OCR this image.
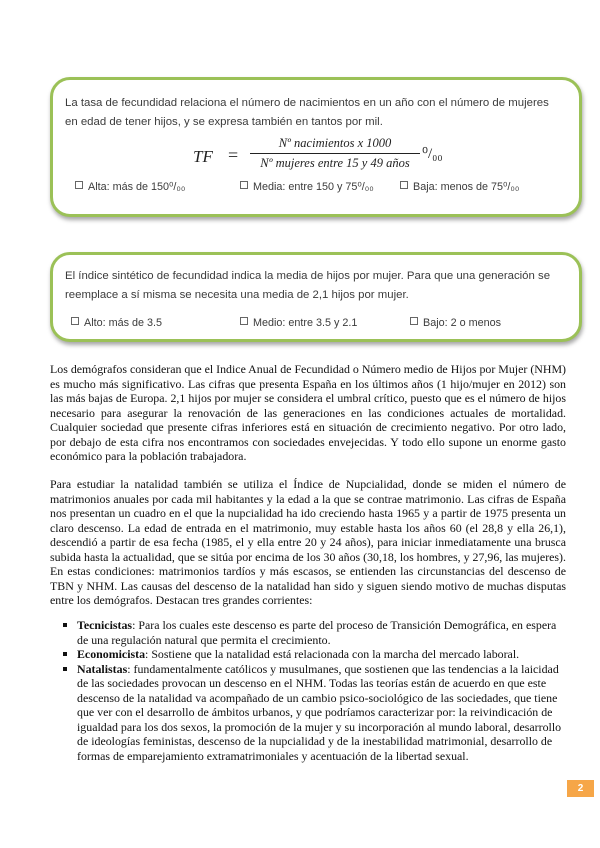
La tasa de fecundidad relaciona el número de nacimientos en un año con el número de mujeres en edad de tener hijos, y se expresa también en tantos por mil.
TF =
Nº nacimientos x 1000
Nº mujeres entre 15 y 49 años
⁰/₀₀
Alta: más de 150⁰/₀₀	Media: entre 150 y 75⁰/₀₀	Baja: menos de 75⁰/₀₀
El índice sintético de fecundidad indica la media de hijos por mujer. Para que una generación se reemplace a sí misma se necesita una media de 2,1 hijos por mujer.
Alto: más de 3.5	Medio: entre 3.5 y 2.1	Bajo: 2 o menos

Los demógrafos consideran que el Indice Anual de Fecundidad o Número medio de Hijos por Mujer (NHM) es mucho más significativo. Las cifras que presenta España en los últimos años (1 hijo/mujer en 2012) son las más bajas de Europa. 2,1 hijos por mujer se considera el umbral crítico, puesto que es el número de hijos necesario para asegurar la renovación de las generaciones en las condiciones actuales de mortalidad. Cualquier sociedad que presente cifras inferiores está en situación de crecimiento negativo. Por otro lado, por debajo de esta cifra nos encontramos con sociedades envejecidas. Y todo ello supone un enorme gasto económico para la población trabajadora.

Para estudiar la natalidad también se utiliza el Índice de Nupcialidad, donde se miden el número de matrimonios anuales por cada mil habitantes y la edad a la que se contrae matrimonio. Las cifras de España nos presentan un cuadro en el que la nupcialidad ha ido creciendo hasta 1965 y a partir de 1975 presenta un claro descenso. La edad de entrada en el matrimonio, muy estable hasta los años 60 (el 28,8 y ella 26,1), descendió a partir de esa fecha (1985, el y ella entre 20 y 24 años), para iniciar inmediatamente una brusca subida hasta la actualidad, que se sitúa por encima de los 30 años (30,18, los hombres, y 27,96, las mujeres). En estas condiciones: matrimonios tardíos y más escasos, se entienden las circunstancias del descenso de TBN y NHM. Las causas del descenso de la natalidad han sido y siguen siendo motivo de muchas disputas entre los demógrafos. Destacan tres grandes corrientes:

Tecnicistas: Para los cuales este descenso es parte del proceso de Transición Demográfica, en espera de una regulación natural que permita el crecimiento.
Economicista: Sostiene que la natalidad está relacionada con la marcha del mercado laboral.
Natalistas: fundamentalmente católicos y musulmanes, que sostienen que las tendencias a la laicidad de las sociedades provocan un descenso en el NHM. Todas las teorías están de acuerdo en que este descenso de la natalidad va acompañado de un cambio psico-sociológico de las sociedades, que tiene que ver con el desarrollo de ámbitos urbanos, y que podríamos caracterizar por: la reivindicación de igualdad para los dos sexos, la promoción de la mujer y su incorporación al mundo laboral, desarrollo de ideologías feministas, descenso de la nupcialidad y de la inestabilidad matrimonial, desarrollo de formas de emparejamiento extramatrimoniales y acentuación de la libertad sexual.
2
